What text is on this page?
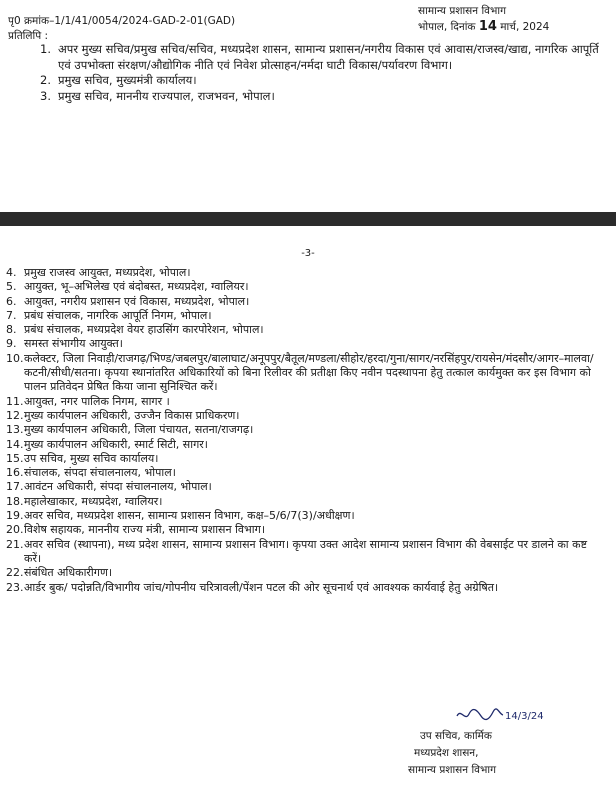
सामान्य प्रशासन विभाग
भोपाल, दिनांक 14 मार्च, 2024
पृ0 क्रमांक–1/1/41/0054/2024-GAD-2-01(GAD)
प्रतिलिपि :
1. अपर मुख्य सचिव/प्रमुख सचिव/सचिव, मध्यप्रदेश शासन, सामान्य प्रशासन/नगरीय विकास एवं आवास/राजस्व/खाद्य, नागरिक आपूर्ति एवं उपभोक्ता संरक्षण/औद्योगिक नीति एवं निवेश प्रोत्साहन/नर्मदा घाटी विकास/पर्यावरण विभाग।
2. प्रमुख सचिव, मुख्यमंत्री कार्यालय।
3. प्रमुख सचिव, माननीय राज्यपाल, राजभवन, भोपाल।
-3-
4. प्रमुख राजस्व आयुक्त, मध्यप्रदेश, भोपाल।
5. आयुक्त, भू–अभिलेख एवं बंदोबस्त, मध्यप्रदेश, ग्वालियर।
6. आयुक्त, नगरीय प्रशासन एवं विकास, मध्यप्रदेश, भोपाल।
7. प्रबंध संचालक, नागरिक आपूर्ति निगम, भोपाल।
8. प्रबंध संचालक, मध्यप्रदेश वेयर हाउसिंग कारपोरेशन, भोपाल।
9. समस्त संभागीय आयुक्त।
10. कलेक्टर, जिला निवाड़ी/राजगढ़/भिण्ड/जबलपुर/बालाघाट/अनूपपुर/बैतूल/मण्डला/सीहोर/हरदा/गुना/सागर/नरसिंहपुर/रायसेन/मंदसौर/आगर–मालवा/कटनी/सीधी/सतना। कृपया स्थानांतरित अधिकारियों को बिना रिलीवर की प्रतीक्षा किए नवीन पदस्थापना हेतु तत्काल कार्यमुक्त कर इस विभाग को पालन प्रतिवेदन प्रेषित किया जाना सुनिश्चित करें।
11. आयुक्त, नगर पालिक निगम, सागर ।
12. मुख्य कार्यपालन अधिकारी, उज्जैन विकास प्राधिकरण।
13. मुख्य कार्यपालन अधिकारी, जिला पंचायत, सतना/राजगढ़।
14. मुख्य कार्यपालन अधिकारी, स्मार्ट सिटी, सागर।
15. उप सचिव, मुख्य सचिव कार्यालय।
16. संचालक, संपदा संचालनालय, भोपाल।
17. आवंटन अधिकारी, संपदा संचालनालय, भोपाल।
18. महालेखाकार, मध्यप्रदेश, ग्वालियर।
19. अवर सचिव, मध्यप्रदेश शासन, सामान्य प्रशासन विभाग, कक्ष–5/6/7(3)/अधीक्षण।
20. विशेष सहायक, माननीय राज्य मंत्री, सामान्य प्रशासन विभाग।
21. अवर सचिव (स्थापना), मध्य प्रदेश शासन, सामान्य प्रशासन विभाग। कृपया उक्त आदेश सामान्य प्रशासन विभाग की वेबसाईट पर डालने का कष्ट करें।
22. संबंधित अधिकारीगण।
23. आर्डर बुक/ पदोन्नति/विभागीय जांच/गोपनीय चरित्रावली/पेंशन पटल की ओर सूचनार्थ एवं आवश्यक कार्यवाई हेतु अग्रेषित।
14/3/24
उप सचिव, कार्मिक
मध्यप्रदेश शासन,
सामान्य प्रशासन विभाग
